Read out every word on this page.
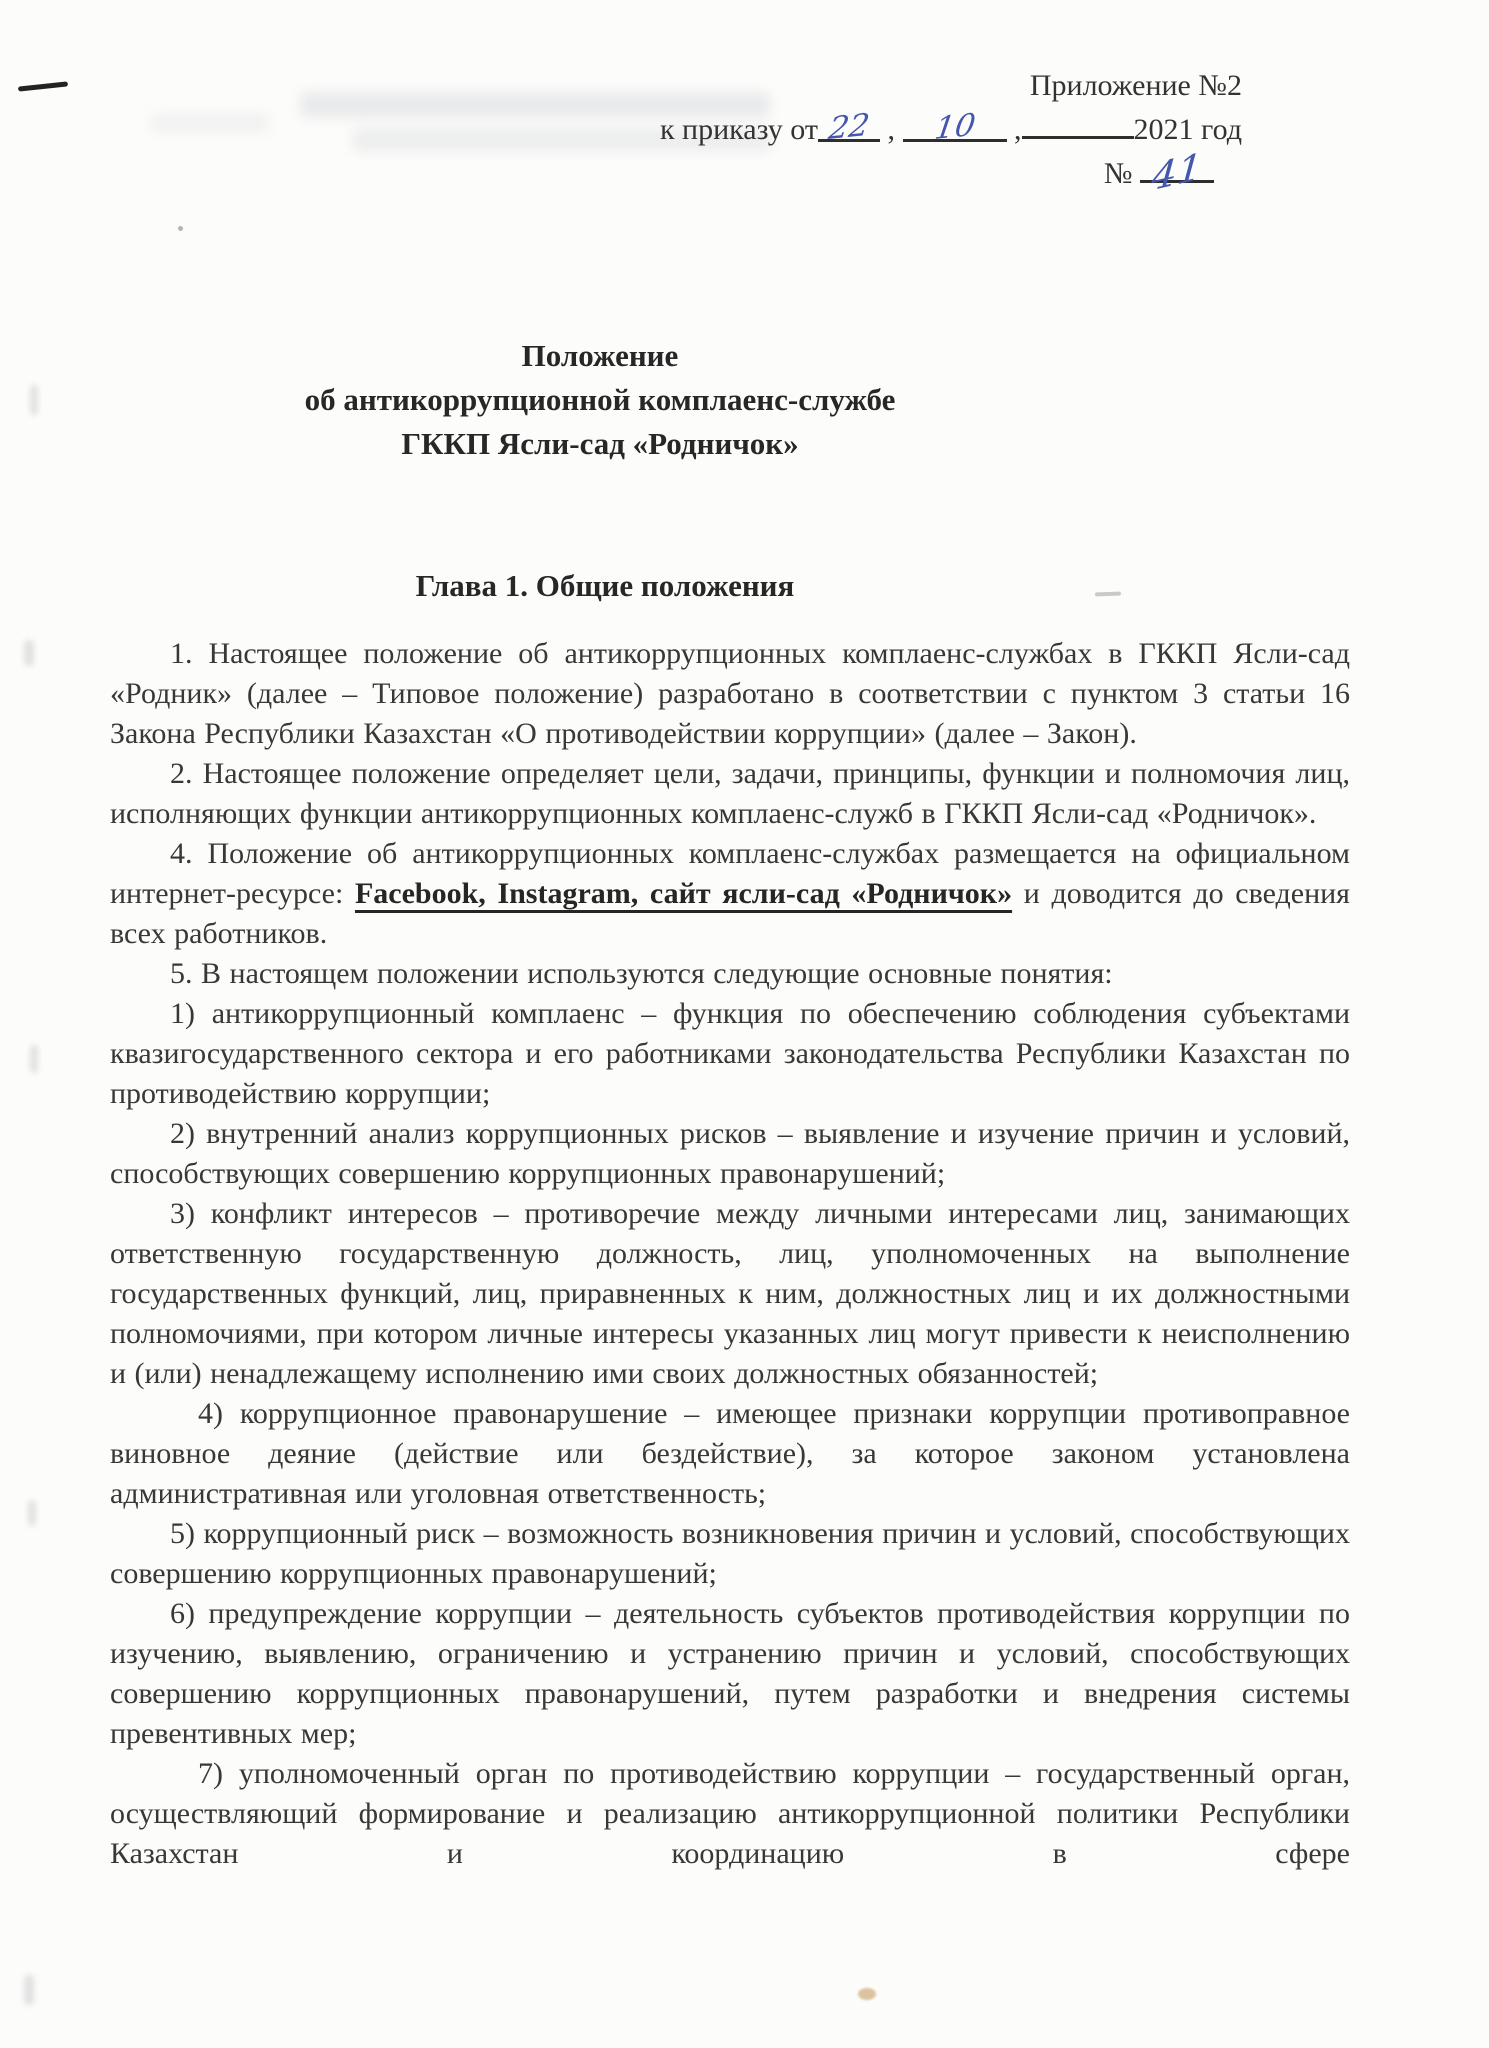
Приложение №2
к приказу от 22 , 10 ,	2021 год
№ 41
Положение
об антикоррупционной комплаенс-службе
ГККП Ясли-сад «Родничок»
Глава 1. Общие положения

1. Настоящее положение об антикоррупционных комплаенс-службах в ГККП Ясли-сад «Родник» (далее – Типовое положение) разработано в соответствии с пунктом 3 статьи 16 Закона Республики Казахстан «О противодействии коррупции» (далее – Закон).

2. Настоящее положение определяет цели, задачи, принципы, функции и полномочия лиц, исполняющих функции антикоррупционных комплаенс-служб в ГККП Ясли-сад «Родничок».

4. Положение об антикоррупционных комплаенс-службах размещается на официальном интернет-ресурсе: Facebook, Instagram, сайт ясли-сад «Родничок» и доводится до сведения всех работников.

5. В настоящем положении используются следующие основные понятия:

1) антикоррупционный комплаенс – функция по обеспечению соблюдения субъектами квазигосударственного сектора и его работниками законодательства Республики Казахстан по противодействию коррупции;

2) внутренний анализ коррупционных рисков – выявление и изучение причин и условий, способствующих совершению коррупционных правонарушений;

3) конфликт интересов – противоречие между личными интересами лиц, занимающих ответственную государственную должность, лиц, уполномоченных на выполнение государственных функций, лиц, приравненных к ним, должностных лиц и их должностными полномочиями, при котором личные интересы указанных лиц могут привести к неисполнению и (или) ненадлежащему исполнению ими своих должностных обязанностей;

4) коррупционное правонарушение – имеющее признаки коррупции противоправное виновное деяние (действие или бездействие), за которое законом установлена административная или уголовная ответственность;

5) коррупционный риск – возможность возникновения причин и условий, способствующих совершению коррупционных правонарушений;

6) предупреждение коррупции – деятельность субъектов противодействия коррупции по изучению, выявлению, ограничению и устранению причин и условий, способствующих совершению коррупционных правонарушений, путем разработки и внедрения системы превентивных мер;

7) уполномоченный орган по противодействию коррупции – государственный орган, осуществляющий формирование и реализацию антикоррупционной политики Республики Казахстан и координацию в сфере
